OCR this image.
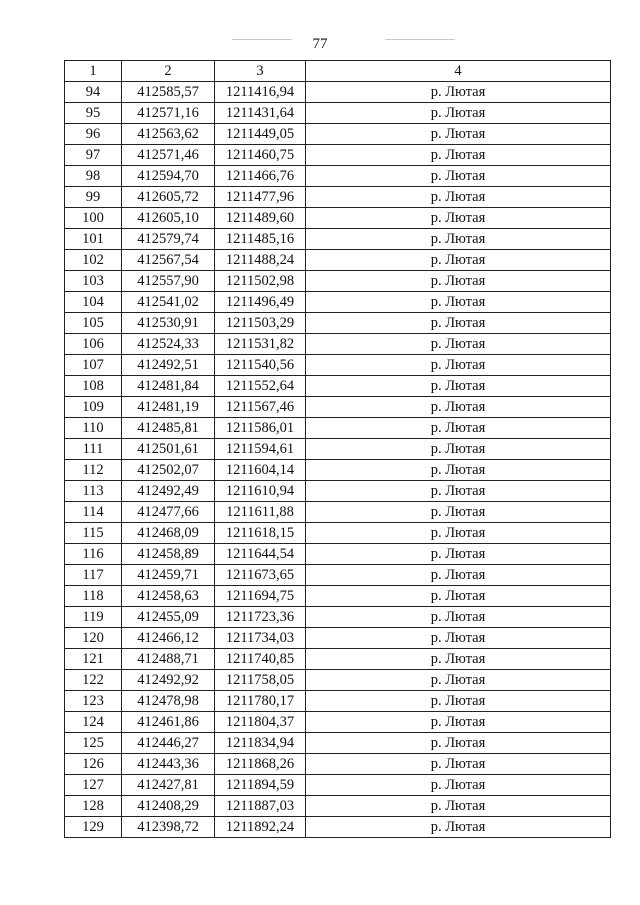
77
1	2	3	4
94	412585,57	1211416,94	р. Лютая
95	412571,16	1211431,64	р. Лютая
96	412563,62	1211449,05	р. Лютая
97	412571,46	1211460,75	р. Лютая
98	412594,70	1211466,76	р. Лютая
99	412605,72	1211477,96	р. Лютая
100	412605,10	1211489,60	р. Лютая
101	412579,74	1211485,16	р. Лютая
102	412567,54	1211488,24	р. Лютая
103	412557,90	1211502,98	р. Лютая
104	412541,02	1211496,49	р. Лютая
105	412530,91	1211503,29	р. Лютая
106	412524,33	1211531,82	р. Лютая
107	412492,51	1211540,56	р. Лютая
108	412481,84	1211552,64	р. Лютая
109	412481,19	1211567,46	р. Лютая
110	412485,81	1211586,01	р. Лютая
111	412501,61	1211594,61	р. Лютая
112	412502,07	1211604,14	р. Лютая
113	412492,49	1211610,94	р. Лютая
114	412477,66	1211611,88	р. Лютая
115	412468,09	1211618,15	р. Лютая
116	412458,89	1211644,54	р. Лютая
117	412459,71	1211673,65	р. Лютая
118	412458,63	1211694,75	р. Лютая
119	412455,09	1211723,36	р. Лютая
120	412466,12	1211734,03	р. Лютая
121	412488,71	1211740,85	р. Лютая
122	412492,92	1211758,05	р. Лютая
123	412478,98	1211780,17	р. Лютая
124	412461,86	1211804,37	р. Лютая
125	412446,27	1211834,94	р. Лютая
126	412443,36	1211868,26	р. Лютая
127	412427,81	1211894,59	р. Лютая
128	412408,29	1211887,03	р. Лютая
129	412398,72	1211892,24	р. Лютая
